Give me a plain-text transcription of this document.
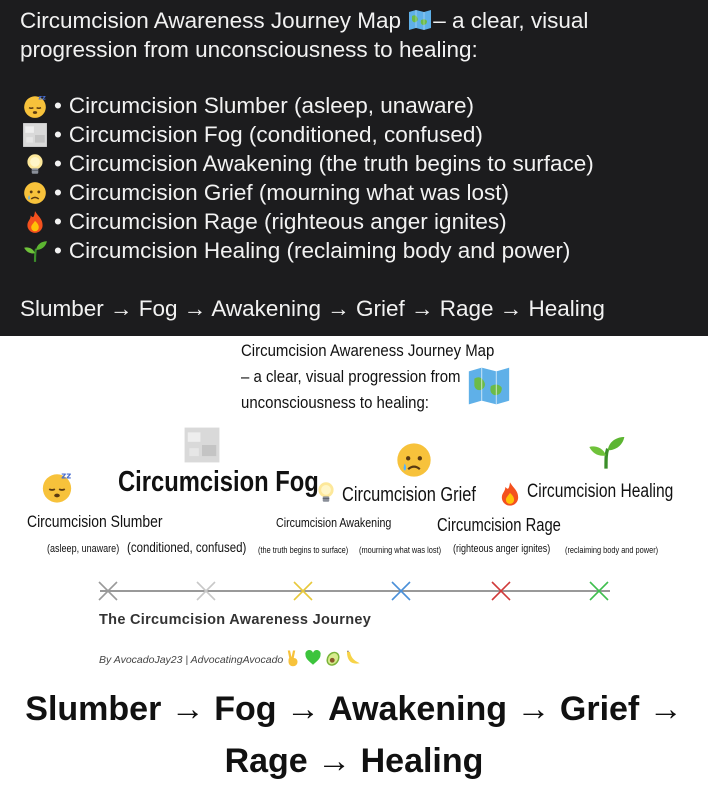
Circumcision Awareness Journey Map – a clear, visual
progression from unconsciousness to healing:
• Circumcision Slumber (asleep, unaware)
• Circumcision Fog (conditioned, confused)
• Circumcision Awakening (the truth begins to surface)
• Circumcision Grief (mourning what was lost)
• Circumcision Rage (righteous anger ignites)
• Circumcision Healing (reclaiming body and power)
Slumber → Fog → Awakening → Grief → Rage → Healing
Circumcision Awareness Journey Map
– a clear, visual progression from
unconsciousness to healing:
Circumcision Fog Circumcision Grief	Circumcision Healing
Circumcision Slumber	Circumcision Awakening	Circumcision Rage
(asleep, unaware) (conditioned, confused) (the truth begins to surface) (mourning what was lost) (righteous anger ignites) (reclaiming body and power)
The Circumcision Awareness Journey
By AvocadoJay23 | AdvocatingAvocado
Slumber → Fog → Awakening → Grief →
Rage → Healing
